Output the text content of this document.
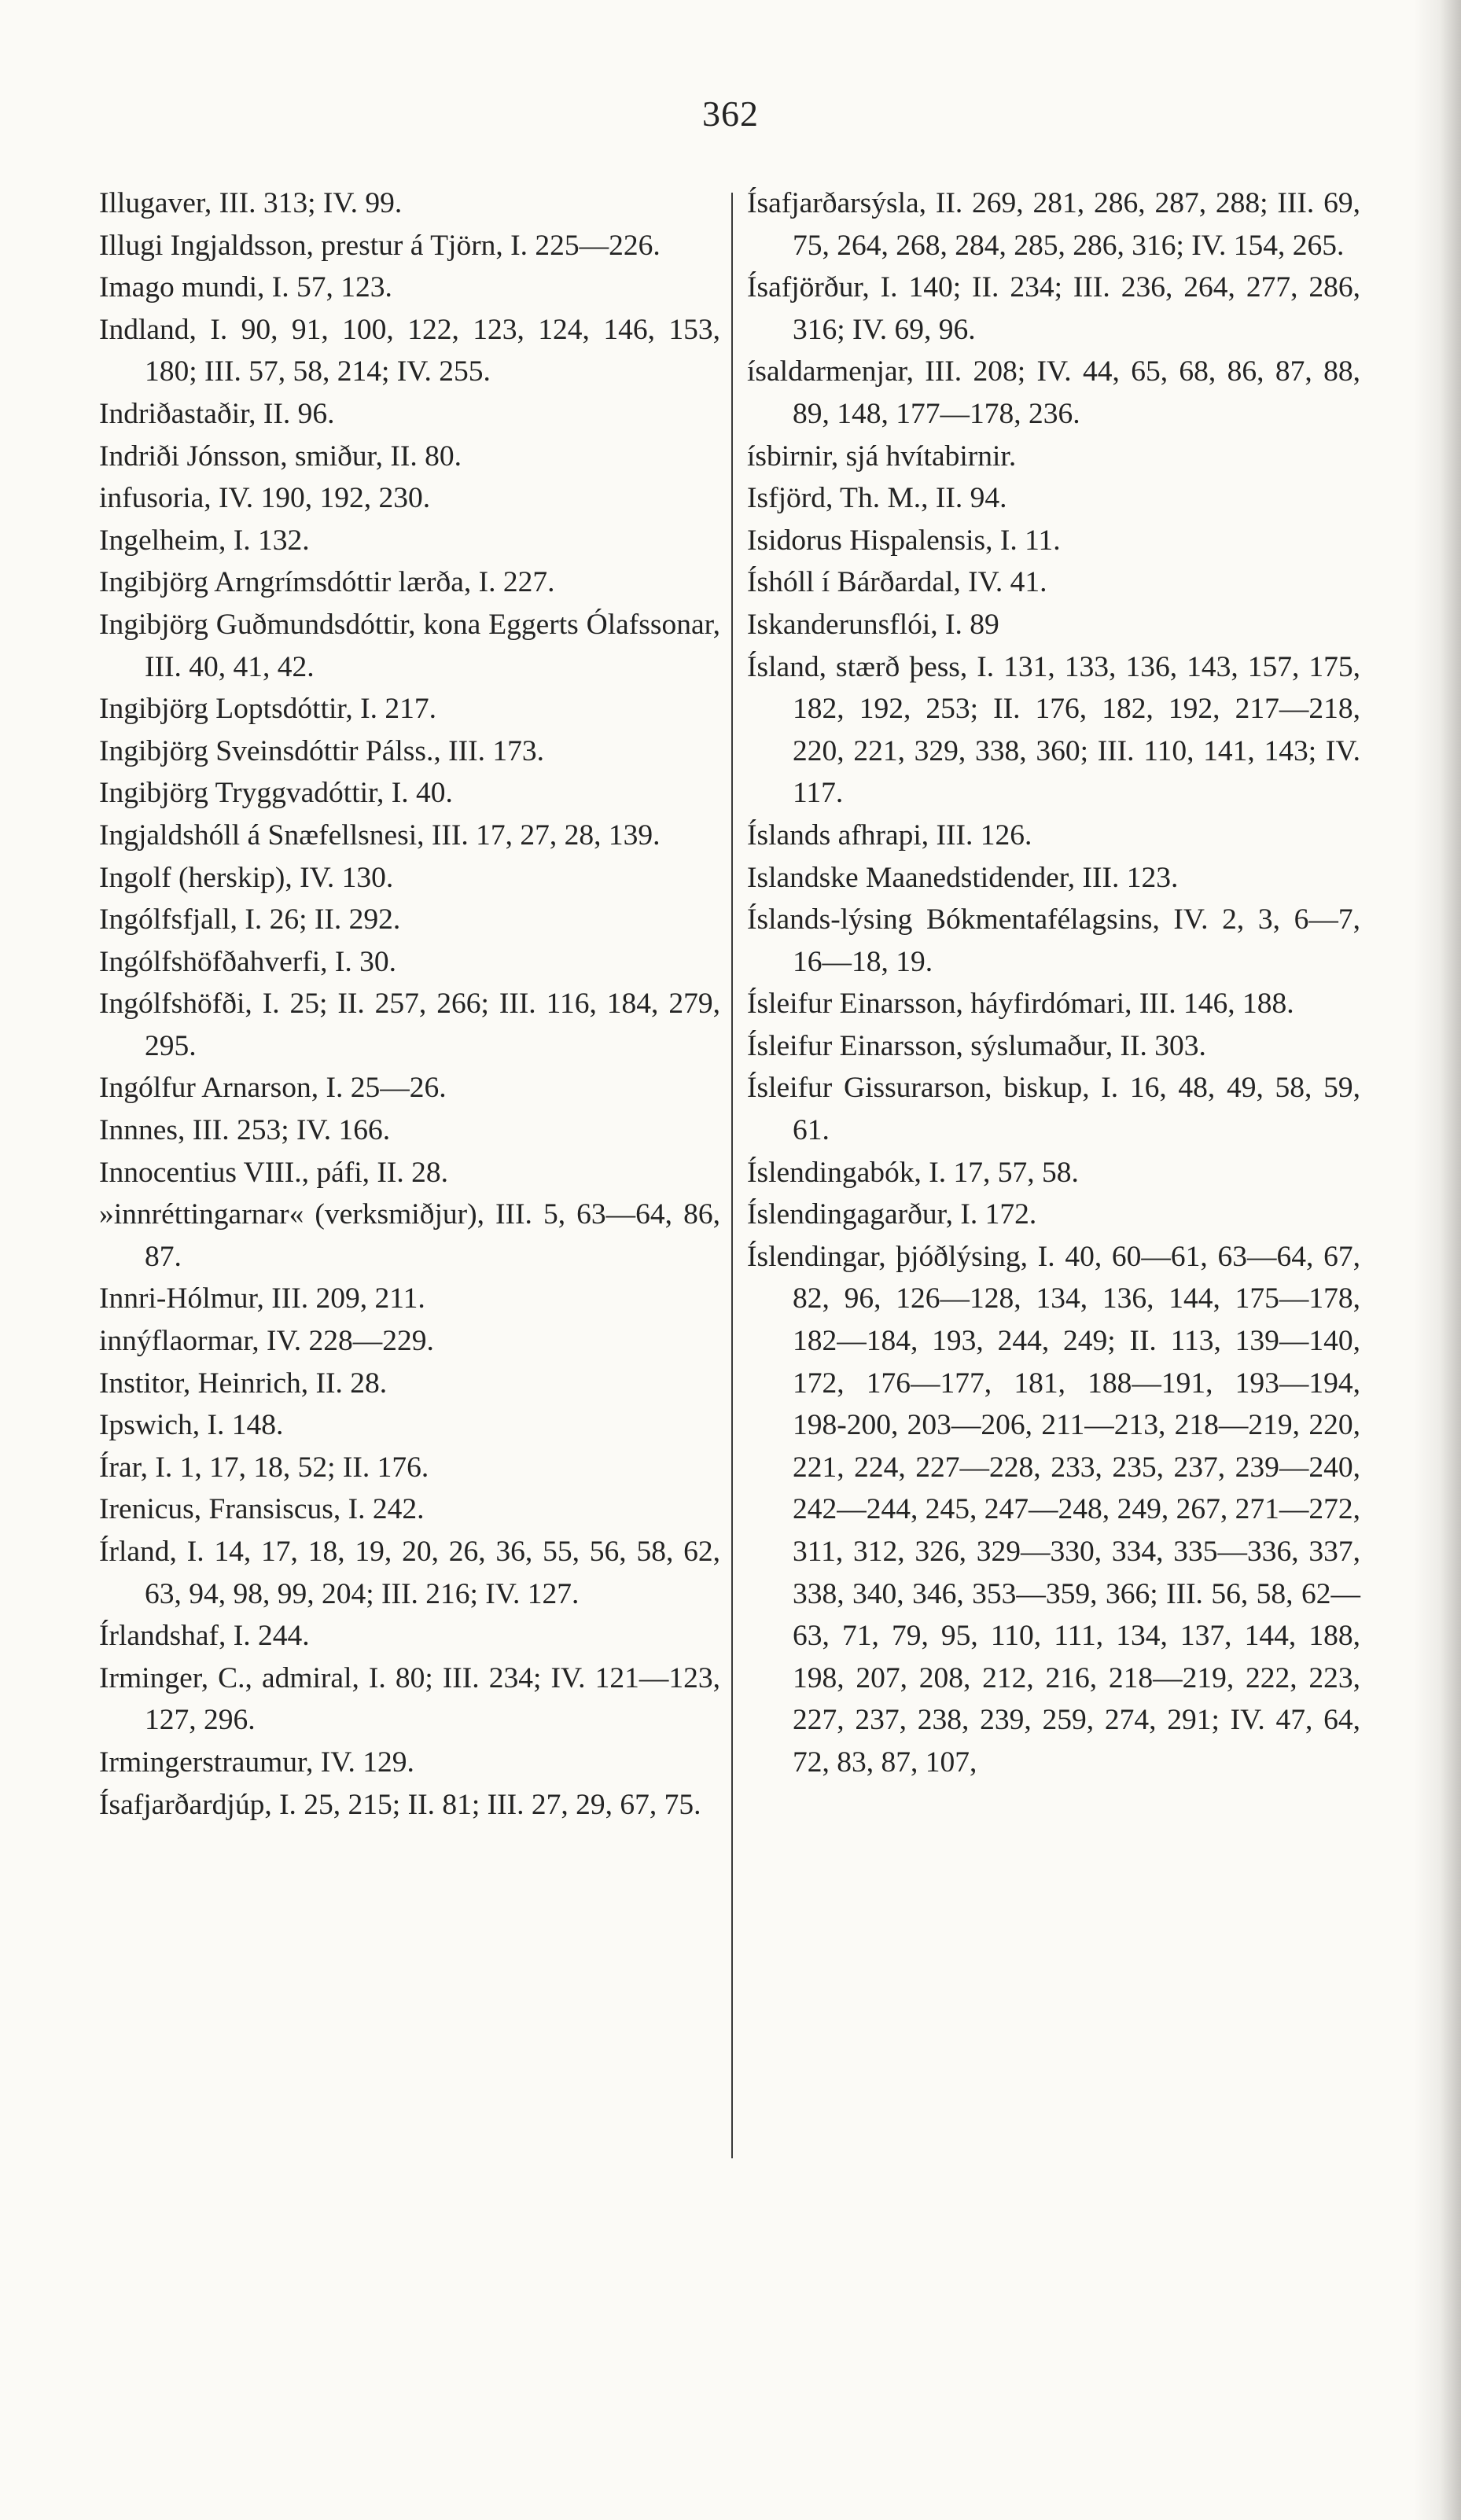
362

Illugaver, III. 313; IV. 99.

Illugi Ingjaldsson, prestur á Tjörn, I. 225—226.

Imago mundi, I. 57, 123.

Indland, I. 90, 91, 100, 122, 123, 124, 146, 153, 180; III. 57, 58, 214; IV. 255.

Indriðastaðir, II. 96.

Indriði Jónsson, smiður, II. 80.

infusoria, IV. 190, 192, 230.

Ingelheim, I. 132.

Ingibjörg Arngrímsdóttir lærða, I. 227.

Ingibjörg Guðmundsdóttir, kona Eggerts Ólafssonar, III. 40, 41, 42.

Ingibjörg Loptsdóttir, I. 217.

Ingibjörg Sveinsdóttir Pálss., III. 173.

Ingibjörg Tryggvadóttir, I. 40.

Ingjaldshóll á Snæfellsnesi, III. 17, 27, 28, 139.

Ingolf (herskip), IV. 130.

Ingólfsfjall, I. 26; II. 292.

Ingólfshöfðahverfi, I. 30.

Ingólfshöfði, I. 25; II. 257, 266; III. 116, 184, 279, 295.

Ingólfur Arnarson, I. 25—26.

Innnes, III. 253; IV. 166.

Innocentius VIII., páfi, II. 28.

»innréttingarnar« (verksmiðjur), III. 5, 63—64, 86, 87.

Innri-Hólmur, III. 209, 211.

innýflaormar, IV. 228—229.

Institor, Heinrich, II. 28.

Ipswich, I. 148.

Írar, I. 1, 17, 18, 52; II. 176.

Irenicus, Fransiscus, I. 242.

Írland, I. 14, 17, 18, 19, 20, 26, 36, 55, 56, 58, 62, 63, 94, 98, 99, 204; III. 216; IV. 127.

Írlandshaf, I. 244.

Irminger, C., admiral, I. 80; III. 234; IV. 121—123, 127, 296.

Irmingerstraumur, IV. 129.

Ísafjarðardjúp, I. 25, 215; II. 81; III. 27, 29, 67, 75.

Ísafjarðarsýsla, II. 269, 281, 286, 287, 288; III. 69, 75, 264, 268, 284, 285, 286, 316; IV. 154, 265.

Ísafjörður, I. 140; II. 234; III. 236, 264, 277, 286, 316; IV. 69, 96.

ísaldarmenjar, III. 208; IV. 44, 65, 68, 86, 87, 88, 89, 148, 177—178, 236.

ísbirnir, sjá hvítabirnir.

Isfjörd, Th. M., II. 94.

Isidorus Hispalensis, I. 11.

Íshóll í Bárðardal, IV. 41.

Iskanderunsflói, I. 89

Ísland, stærð þess, I. 131, 133, 136, 143, 157, 175, 182, 192, 253; II. 176, 182, 192, 217—218, 220, 221, 329, 338, 360; III. 110, 141, 143; IV. 117.

Íslands afhrapi, III. 126.

Islandske Maanedstidender, III. 123.

Íslands-lýsing Bókmentafélagsins, IV. 2, 3, 6—7, 16—18, 19.

Ísleifur Einarsson, háyfirdómari, III. 146, 188.

Ísleifur Einarsson, sýslumaður, II. 303.

Ísleifur Gissurarson, biskup, I. 16, 48, 49, 58, 59, 61.

Íslendingabók, I. 17, 57, 58.

Íslendingagarður, I. 172.

Íslendingar, þjóðlýsing, I. 40, 60—61, 63—64, 67, 82, 96, 126—128, 134, 136, 144, 175—178, 182—184, 193, 244, 249; II. 113, 139—140, 172, 176—177, 181, 188—191, 193—194, 198-200, 203—206, 211—213, 218—219, 220, 221, 224, 227—228, 233, 235, 237, 239—240, 242—244, 245, 247—248, 249, 267, 271—272, 311, 312, 326, 329—330, 334, 335—336, 337, 338, 340, 346, 353—359, 366; III. 56, 58, 62—63, 71, 79, 95, 110, 111, 134, 137, 144, 188, 198, 207, 208, 212, 216, 218—219, 222, 223, 227, 237, 238, 239, 259, 274, 291; IV. 47, 64, 72, 83, 87, 107,
